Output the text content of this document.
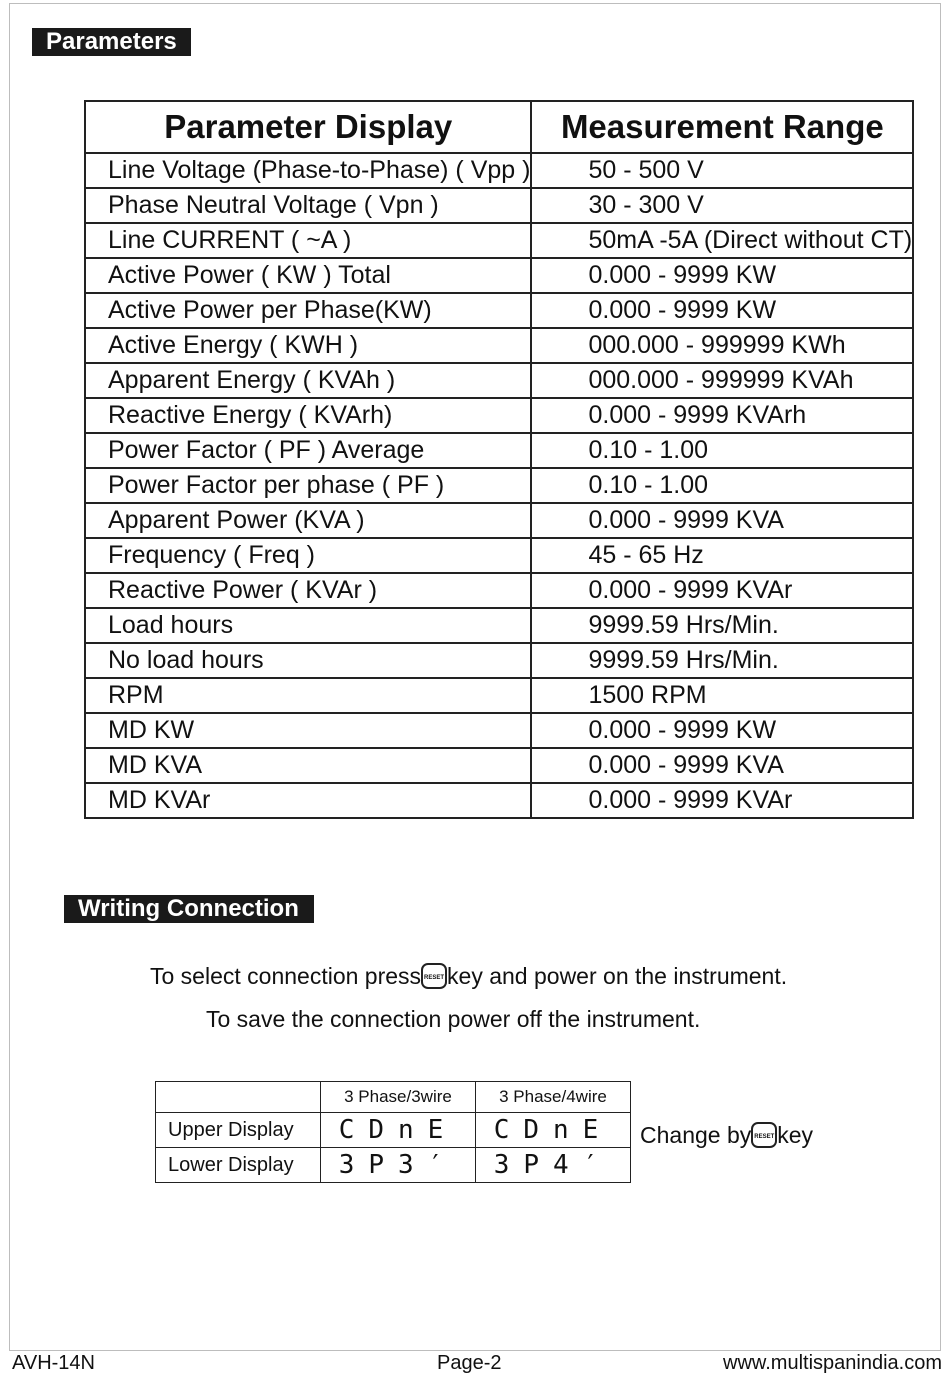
Parameters
Parameter Display	Measurement Range
Line Voltage (Phase-to-Phase) ( Vpp )	50 - 500 V
Phase Neutral Voltage ( Vpn )	30 - 300 V
Line CURRENT ( ~A )	50mA -5A (Direct without CT)
Active Power ( KW ) Total	0.000 - 9999 KW
Active Power per Phase(KW)	0.000 - 9999 KW
Active Energy ( KWH )	000.000 - 999999 KWh
Apparent Energy ( KVAh )	000.000 - 999999 KVAh
Reactive Energy ( KVArh)	0.000 - 9999 KVArh
Power Factor ( PF ) Average	0.10 - 1.00
Power Factor per phase ( PF )	0.10 - 1.00
Apparent Power (KVA )	0.000 - 9999 KVA
Frequency ( Freq )	45 - 65 Hz
Reactive Power ( KVAr )	0.000 - 9999 KVAr
Load hours	9999.59 Hrs/Min.
No load hours	9999.59 Hrs/Min.
RPM	1500 RPM
MD KW	0.000 - 9999 KW
MD KVA	0.000 - 9999 KVA
MD KVAr	0.000 - 9999 KVAr
Writing Connection
To select connection press RESET key and power on the instrument.
To save the connection power off the instrument.
	3 Phase/3wire	3 Phase/4wire
Upper Display	CDnE	CDnE
Lower Display	3P3′	3P4′
Change by RESET key
AVH-14N	Page-2	www.multispanindia.com
